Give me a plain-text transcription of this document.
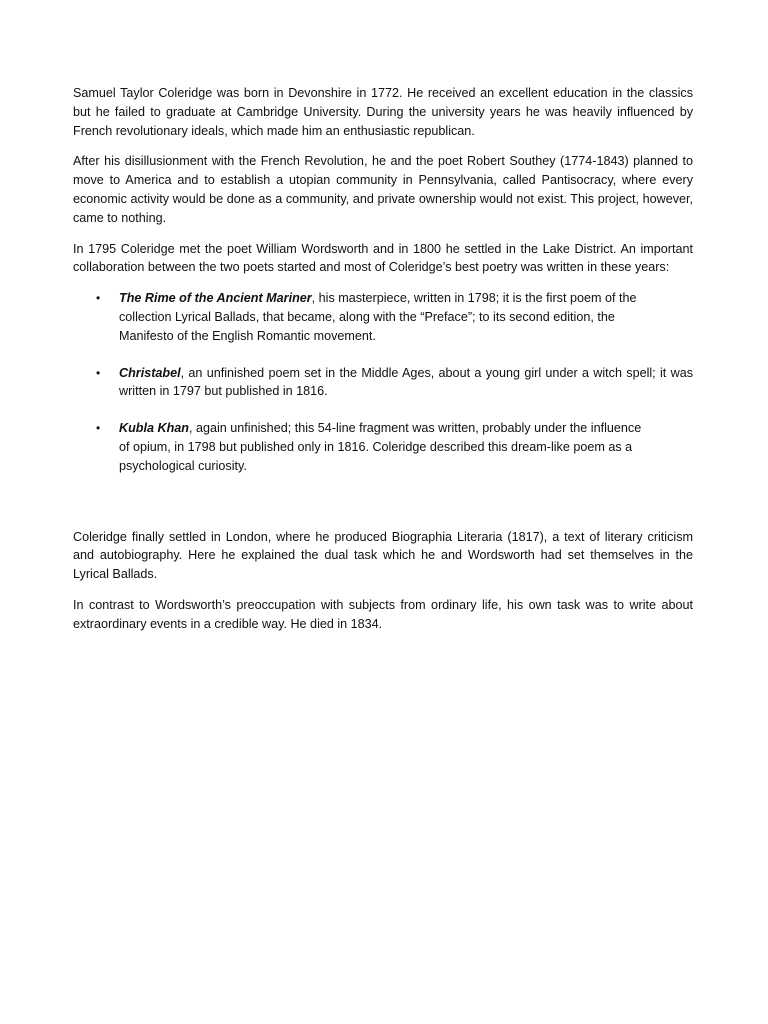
Samuel Taylor Coleridge was born in Devonshire in 1772. He received an excellent education in the classics but he failed to graduate at Cambridge University. During the university years he was heavily influenced by French revolutionary ideals, which made him an enthusiastic republican.

After his disillusionment with the French Revolution, he and the poet Robert Southey (1774-1843) planned to move to America and to establish a utopian community in Pennsylvania, called Pantisocracy, where every economic activity would be done as a community, and private ownership would not exist. This project, however, came to nothing.

In 1795 Coleridge met the poet William Wordsworth and in 1800 he settled in the Lake District. An important collaboration between the two poets started and most of Coleridge’s best poetry was written in these years:

• The Rime of the Ancient Mariner, his masterpiece, written in 1798; it is the first poem of the collection Lyrical Ballads, that became, along with the “Preface”; to its second edition, the Manifesto of the English Romantic movement.
• Christabel, an unfinished poem set in the Middle Ages, about a young girl under a witch spell; it was written in 1797 but published in 1816.
• Kubla Khan, again unfinished; this 54-line fragment was written, probably under the influence of opium, in 1798 but published only in 1816. Coleridge described this dream-like poem as a psychological curiosity.

Coleridge finally settled in London, where he produced Biographia Literaria (1817), a text of literary criticism and autobiography. Here he explained the dual task which he and Wordsworth had set themselves in the Lyrical Ballads.

In contrast to Wordsworth’s preoccupation with subjects from ordinary life, his own task was to write about extraordinary events in a credible way. He died in 1834.
